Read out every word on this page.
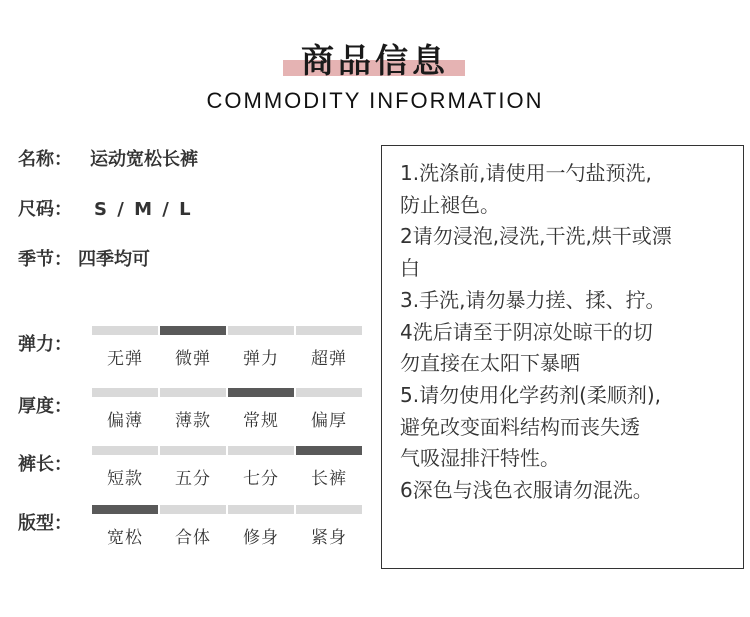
商品信息
COMMODITY INFORMATION
名称： 运动宽松长裤
尺码： S / M / L
季节： 四季均可
弹力：
无弹	微弹	弹力	超弹
厚度：
偏薄	薄款	常规	偏厚
裤长：
短款	五分	七分	长裤
版型：
宽松	合体	修身	紧身
1.洗涤前,请使用一勺盐预洗,
防止褪色。
2请勿浸泡,浸洗,干洗,烘干或漂
白
3.手洗,请勿暴力搓、揉、拧。
4洗后请至于阴凉处晾干的切
勿直接在太阳下暴晒
5.请勿使用化学药剂(柔顺剂),
避免改变面料结构而丧失透
气吸湿排汗特性。
6深色与浅色衣服请勿混洗。
